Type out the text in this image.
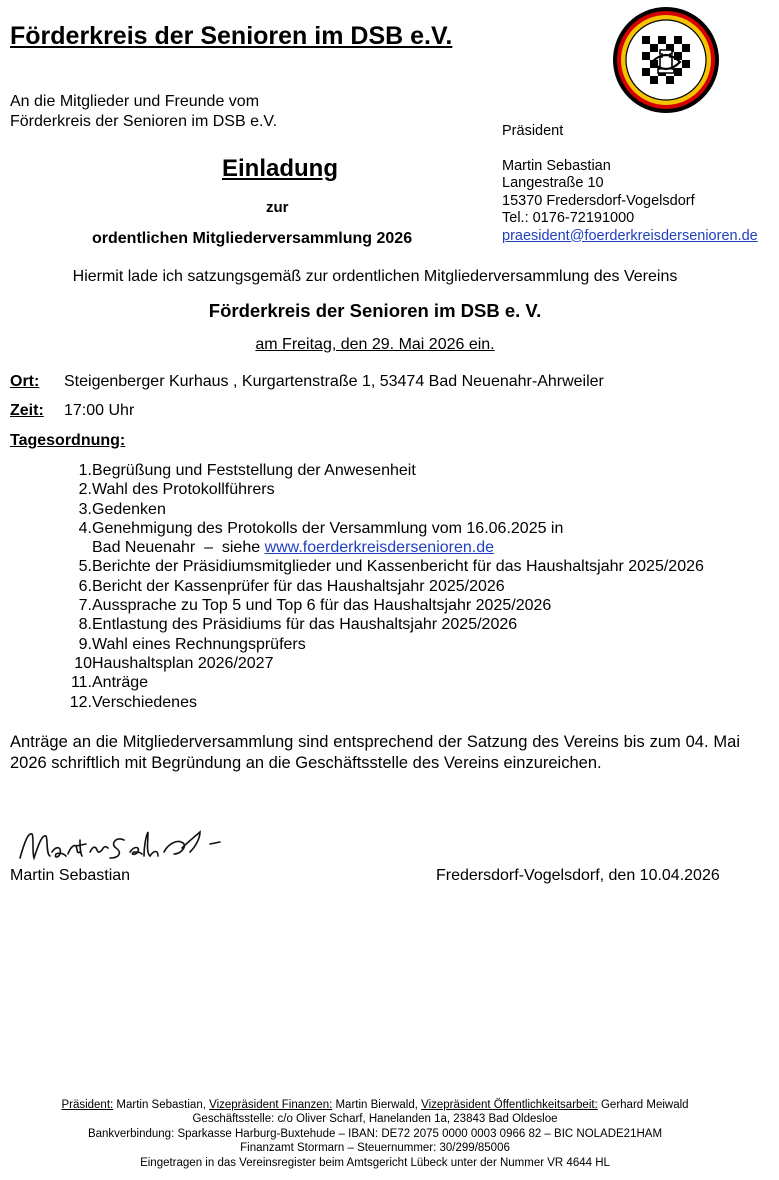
Förderkreis der Senioren im DSB e.V.
An die Mitglieder und Freunde vom
Förderkreis der Senioren im DSB e.V.
Präsident
Martin Sebastian
Langestraße 10
15370 Fredersdorf-Vogelsdorf
Tel.: 0176-72191000
praesident@foerderkreisdersenioren.de
Einladung
zur
ordentlichen Mitgliederversammlung 2026
Hiermit lade ich satzungsgemäß zur ordentlichen Mitgliederversammlung des Vereins
Förderkreis der Senioren im DSB e. V.
am Freitag, den 29. Mai 2026 ein.
Ort: Steigenberger Kurhaus , Kurgartenstraße 1, 53474 Bad Neuenahr-Ahrweiler
Zeit: 17:00 Uhr
Tagesordnung:
1. Begrüßung und Feststellung der Anwesenheit
2. Wahl des Protokollführers
3. Gedenken
4. Genehmigung des Protokolls der Versammlung vom 16.06.2025 in
Bad Neuenahr  –  siehe www.foerderkreisdersenioren.de
5. Berichte der Präsidiumsmitglieder und Kassenbericht für das Haushaltsjahr 2025/2026
6. Bericht der Kassenprüfer für das Haushaltsjahr 2025/2026
7. Aussprache zu Top 5 und Top 6 für das Haushaltsjahr 2025/2026
8. Entlastung des Präsidiums für das Haushaltsjahr 2025/2026
9. Wahl eines Rechnungsprüfers
10 Haushaltsplan 2026/2027
11. Anträge
12. Verschiedenes
Anträge an die Mitgliederversammlung sind entsprechend der Satzung des Vereins bis zum 04. Mai 2026 schriftlich mit Begründung an die Geschäftsstelle des Vereins einzureichen.
Martin Sebastian	Fredersdorf-Vogelsdorf, den 10.04.2026
Präsident: Martin Sebastian, Vizepräsident Finanzen: Martin Bierwald, Vizepräsident Öffentlichkeitsarbeit: Gerhard Meiwald
Geschäftsstelle: c/o Oliver Scharf, Hanelanden 1a, 23843 Bad Oldesloe
Bankverbindung: Sparkasse Harburg-Buxtehude – IBAN: DE72 2075 0000 0003 0966 82 – BIC NOLADE21HAM
Finanzamt Stormarn – Steuernummer: 30/299/85006
Eingetragen in das Vereinsregister beim Amtsgericht Lübeck unter der Nummer VR 4644 HL
